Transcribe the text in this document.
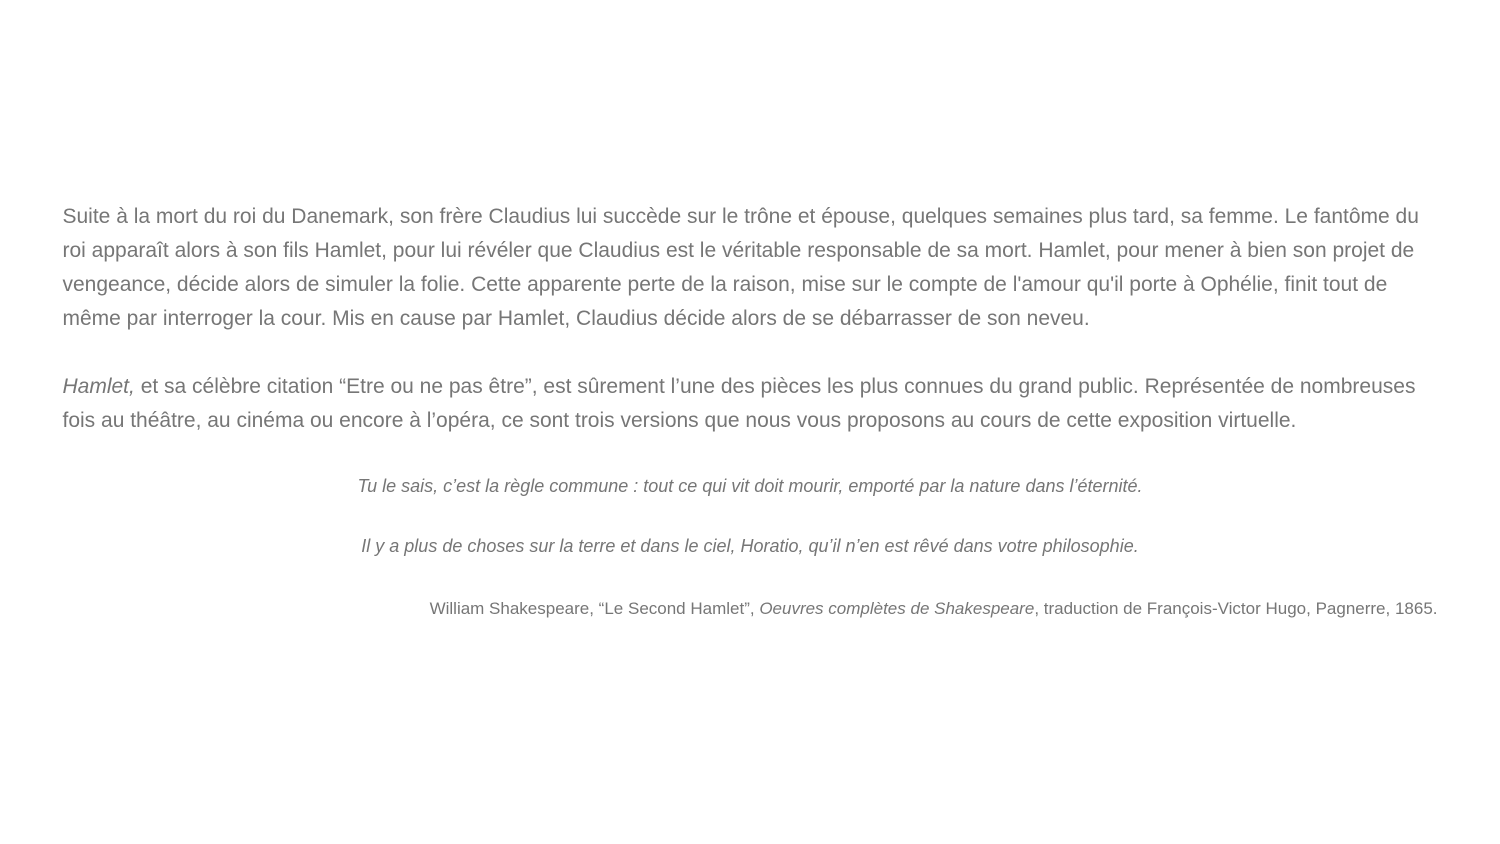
Suite à la mort du roi du Danemark, son frère Claudius lui succède sur le trône et épouse, quelques semaines plus tard, sa femme. Le fantôme du roi apparaît alors à son fils Hamlet, pour lui révéler que Claudius est le véritable responsable de sa mort. Hamlet, pour mener à bien son projet de vengeance, décide alors de simuler la folie. Cette apparente perte de la raison, mise sur le compte de l'amour qu'il porte à Ophélie, finit tout de même par interroger la cour. Mis en cause par Hamlet, Claudius décide alors de se débarrasser de son neveu.

Hamlet, et sa célèbre citation “Etre ou ne pas être”, est sûrement l’une des pièces les plus connues du grand public. Représentée de nombreuses fois au théâtre, au cinéma ou encore à l’opéra, ce sont trois versions que nous vous proposons au cours de cette exposition virtuelle.

Tu le sais, c’est la règle commune : tout ce qui vit doit mourir, emporté par la nature dans l’éternité.
Il y a plus de choses sur la terre et dans le ciel, Horatio, qu’il n’en est rêvé dans votre philosophie.
William Shakespeare, “Le Second Hamlet”, Oeuvres complètes de Shakespeare, traduction de François-Victor Hugo, Pagnerre, 1865.
